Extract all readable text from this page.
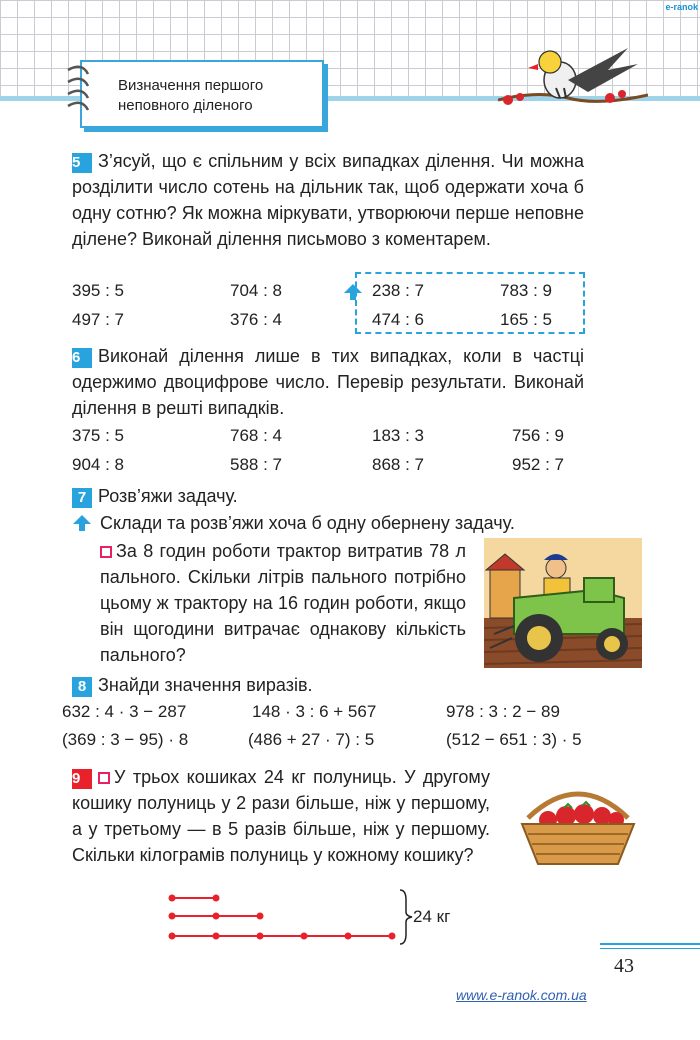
e-ranok
Визначення першого неповного діленого

5 З’ясуй, що є спільним у всіх випадках ділення. Чи можна розділити число сотень на дільник так, щоб одержати хоча б одну сотню? Як можна міркувати, утворюючи перше неповне ділене? Виконай ділення письмово з коментарем.

395 : 5	704 : 8	238 : 7	783 : 9
497 : 7	376 : 4	474 : 6	165 : 5

6 Виконай ділення лише в тих випадках, коли в частці одержимо двоцифрове число. Перевір результати. Виконай ділення в решті випадків.

375 : 5	768 : 4	183 : 3	756 : 9
904 : 8	588 : 7	868 : 7	952 : 7
7 Розв’яжи задачу.
Склади та розв’яжи хоча б одну обернену задачу.

За 8 годин роботи трактор витратив 78 л пального. Скільки літрів пального потрібно цьому ж трактору на 16 годин роботи, якщо він щогодини витрачає однакову кількість пального?

8 Знайди значення виразів.
632 : 4 · 3 − 287	148 · 3 : 6 + 567	978 : 3 : 2 − 89
(369 : 3 − 95) · 8	(486 + 27 · 7) : 5	(512 − 651 : 3) · 5

9 У трьох кошиках 24 кг полуниць. У другому кошику полуниць у 2 рази більше, ніж у першому, а у третьому — в 5 разів більше, ніж у першому. Скільки кілограмів полуниць у кожному кошику?

24 кг
43
www.e-ranok.com.ua
